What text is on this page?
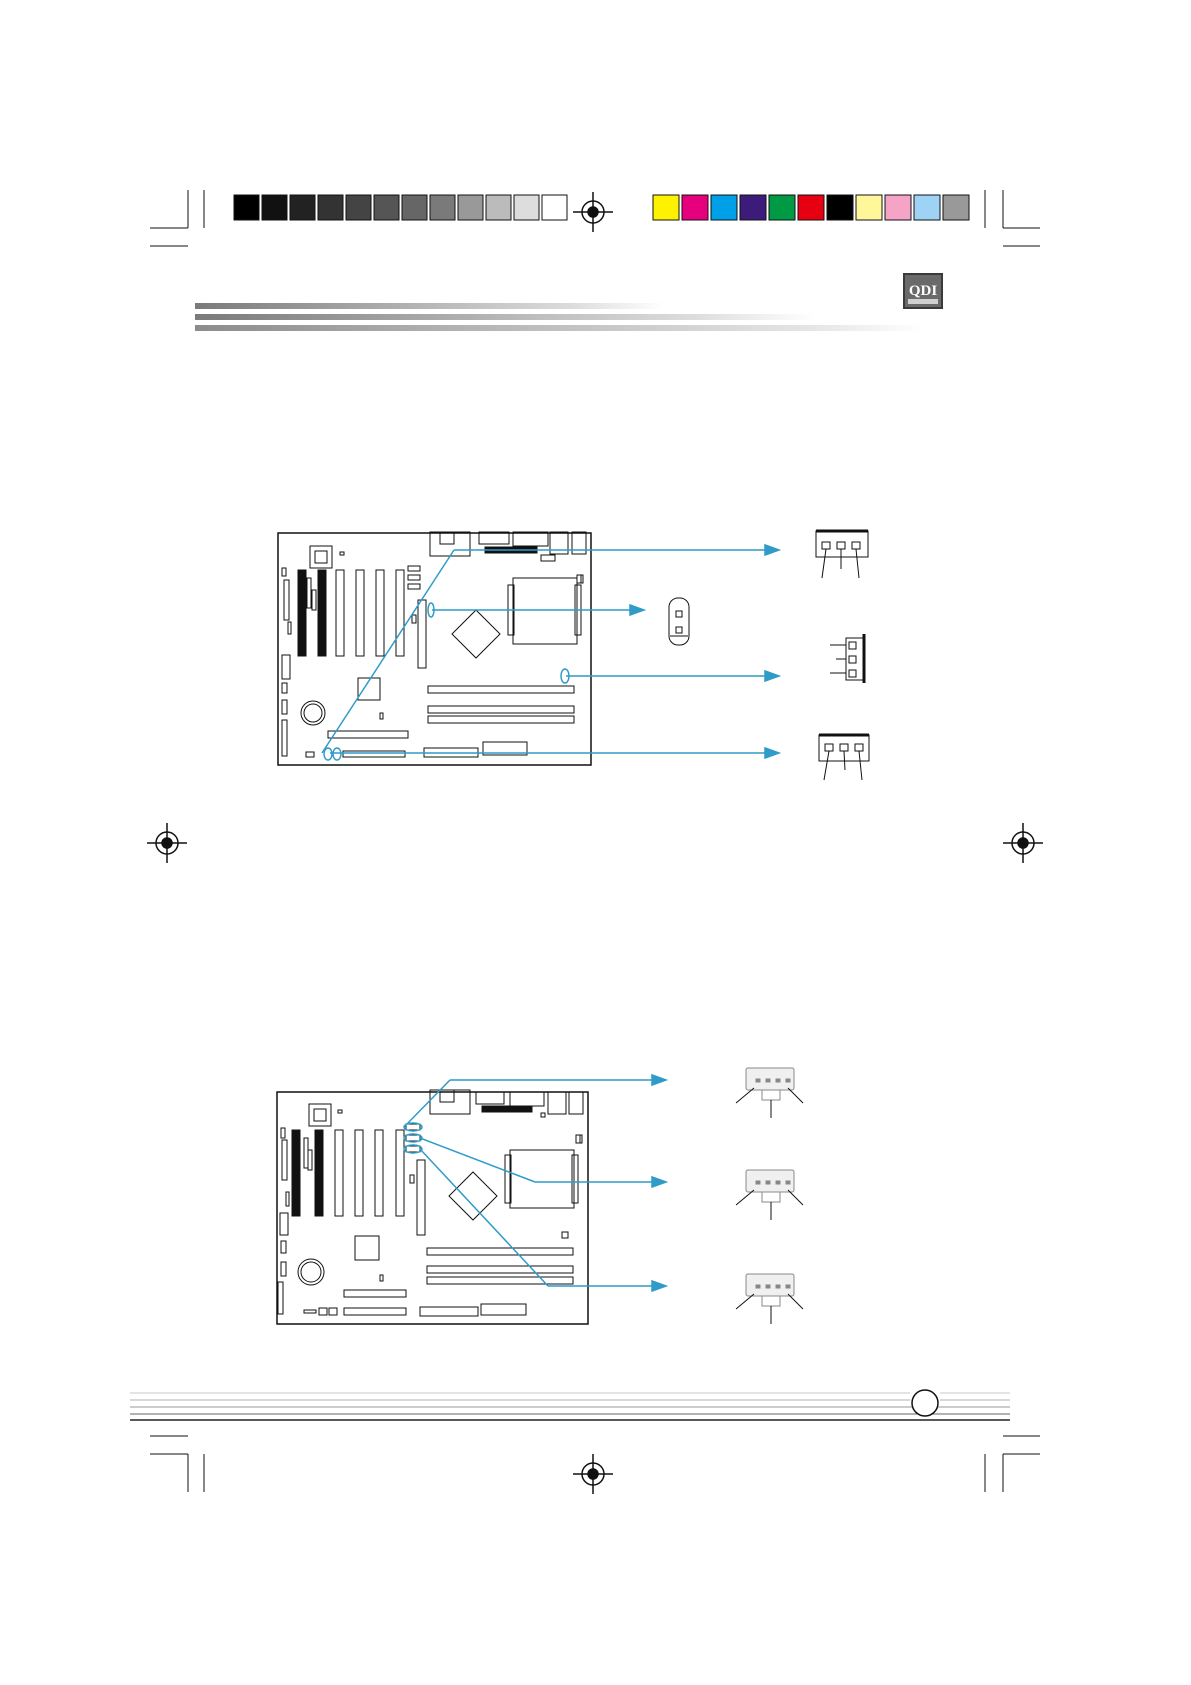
QDI
